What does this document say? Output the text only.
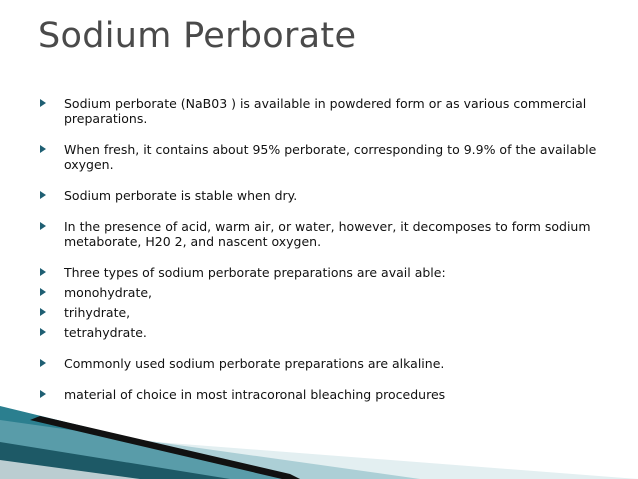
Sodium Perborate
Sodium perborate (NaB03 ) is available in powdered form or as various commercial preparations.
When fresh, it contains about 95% perborate, corresponding to 9.9% of the available oxygen.
Sodium perborate is stable when dry.
In the presence of acid, warm air, or water, however, it decomposes to form sodium metaborate, H20 2, and nascent oxygen.
Three types of sodium perborate preparations are avail able:
monohydrate,
trihydrate,
tetrahydrate.
Commonly used sodium perborate preparations are alkaline.
material of choice in most intracoronal bleaching procedures
